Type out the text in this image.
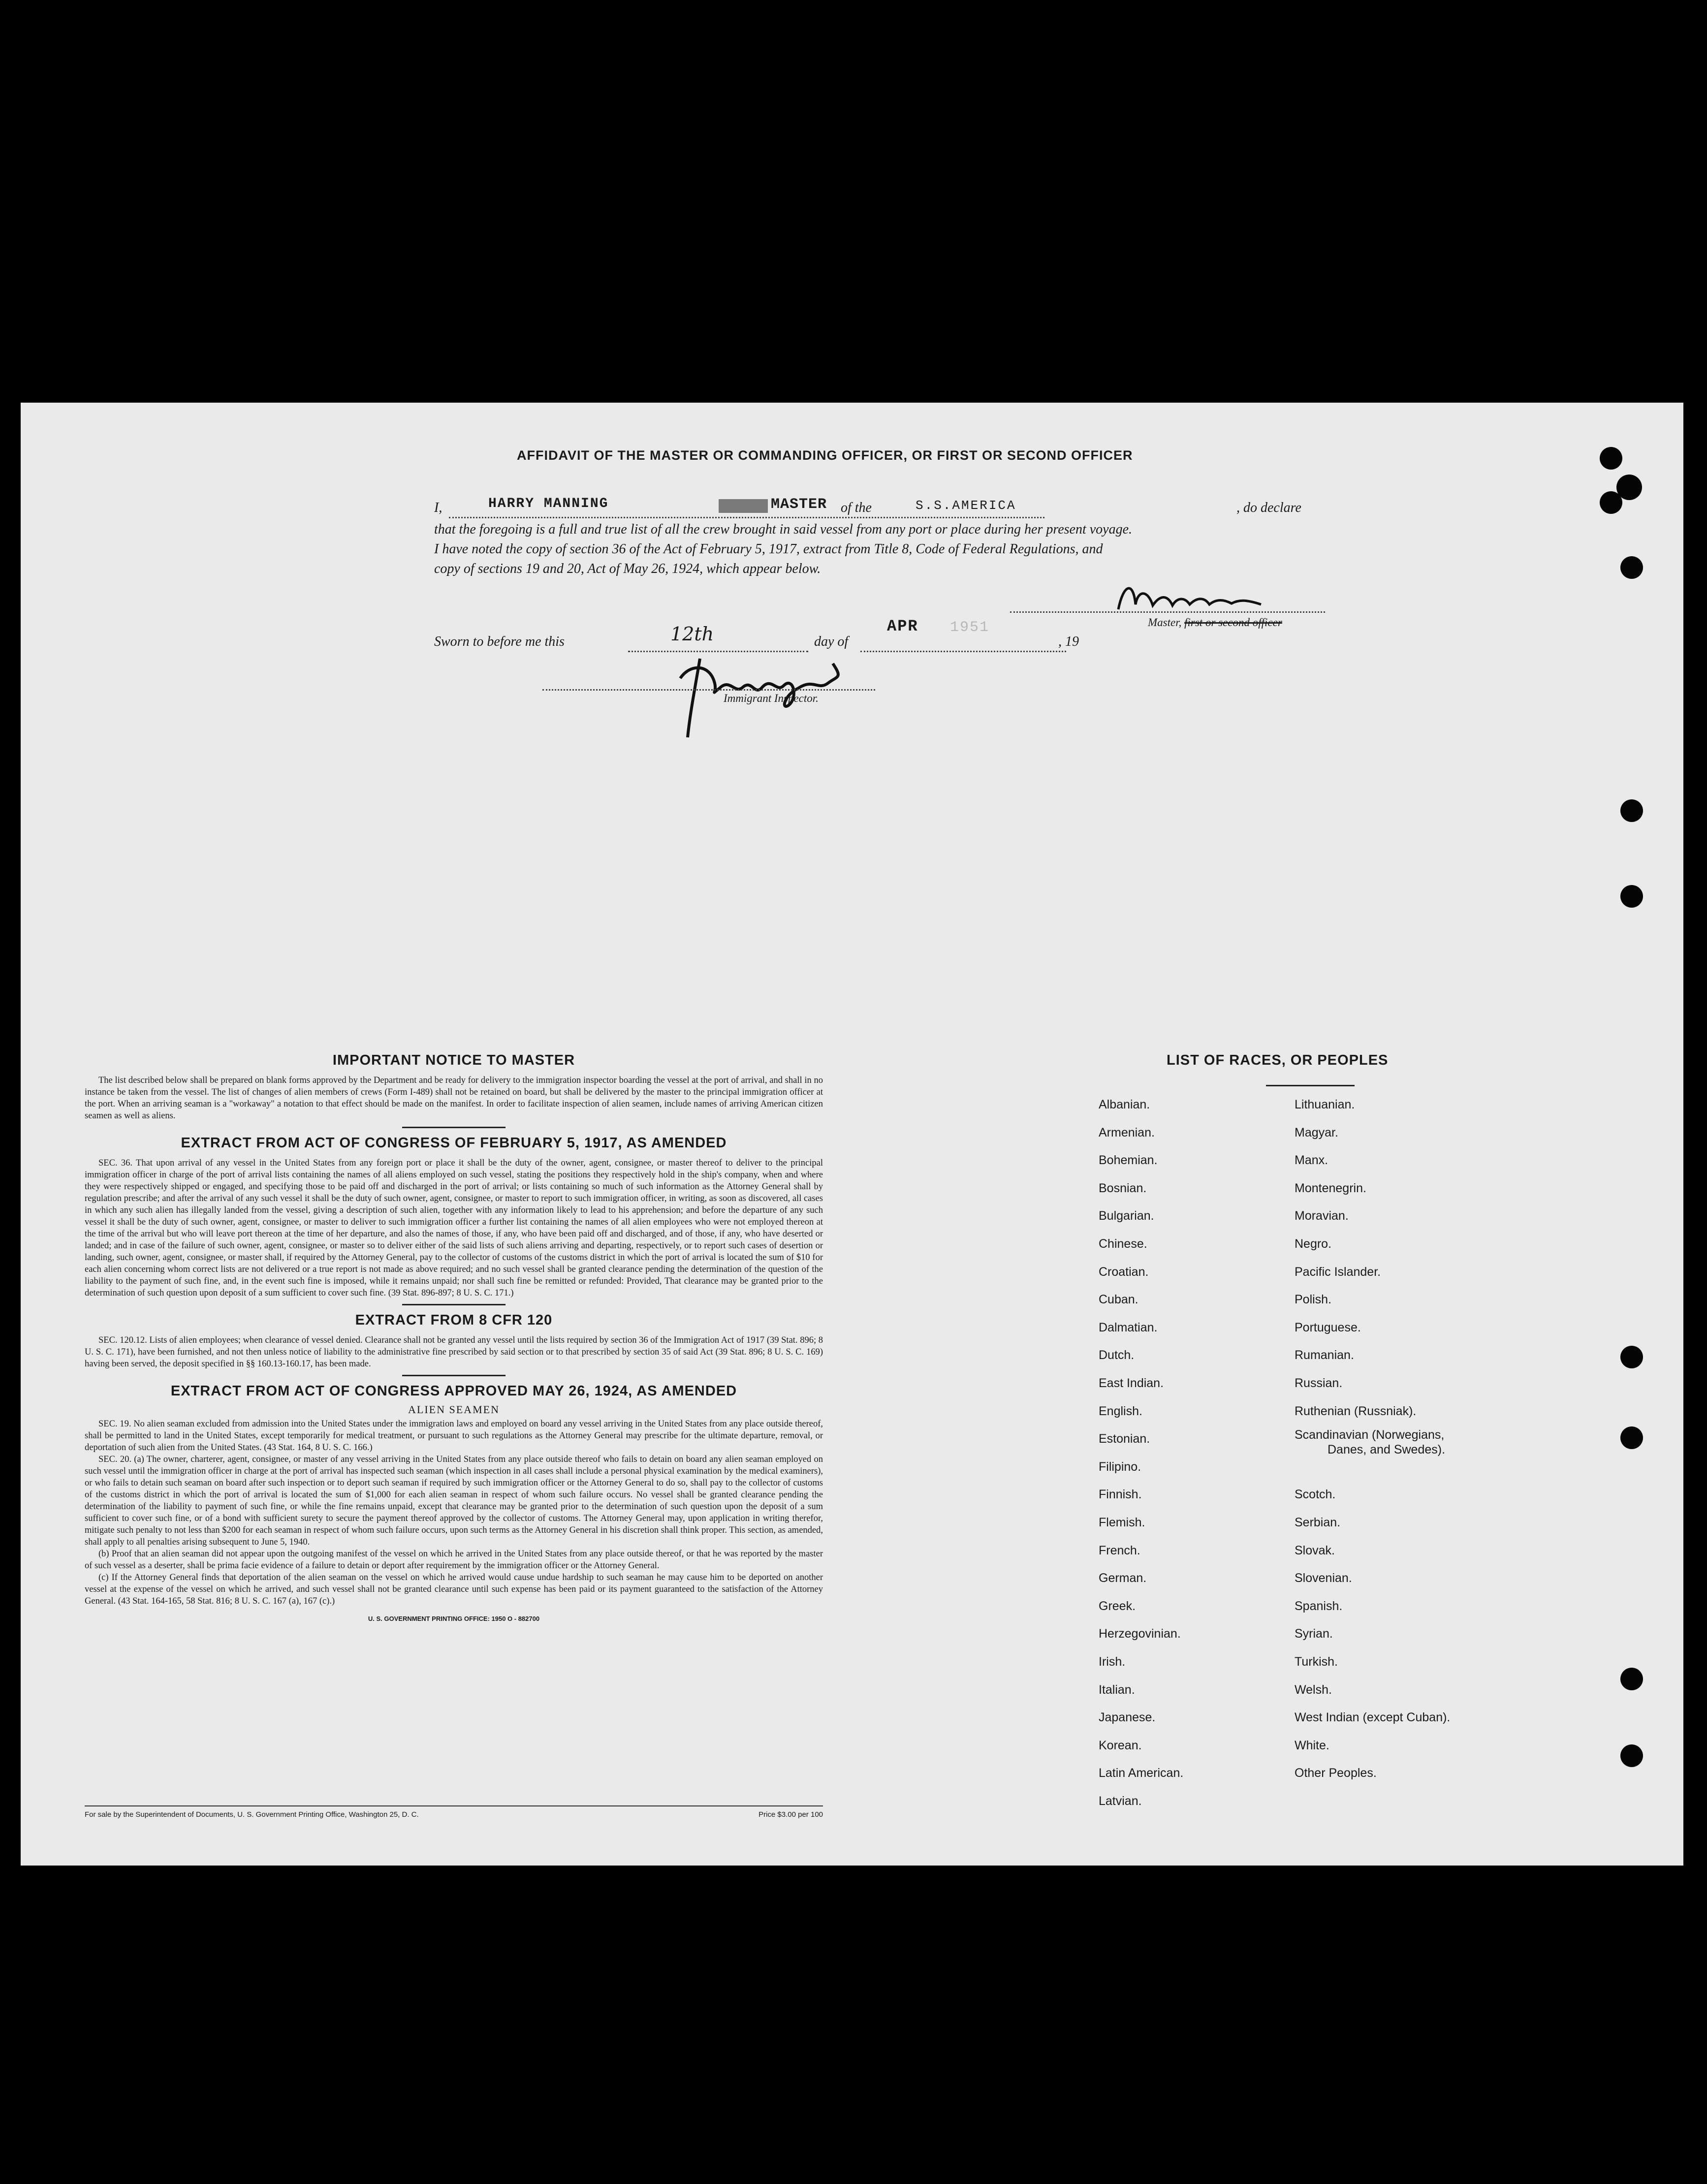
AFFIDAVIT OF THE MASTER OR COMMANDING OFFICER, OR FIRST OR SECOND OFFICER
I,	HARRY MANNING	MASTER of the	S.S.AMERICA	, do declare
that the foregoing is a full and true list of all the crew brought in said vessel from any port or place during her present voyage.
I have noted the copy of section 36 of the Act of February 5, 1917, extract from Title 8, Code of Federal Regulations, and
copy of sections 19 and 20, Act of May 26, 1924, which appear below.
Master, first or second officer
Sworn to before me this	12th	day of
APR 1951
, 19
Immigrant Inspector.
IMPORTANT NOTICE TO MASTER

The list described below shall be prepared on blank forms approved by the Department and be ready for delivery to the immigration inspector boarding the vessel at the port of arrival, and shall in no instance be taken from the vessel. The list of changes of alien members of crews (Form I-489) shall not be retained on board, but shall be delivered by the master to the principal immigration officer at the port. When an arriving seaman is a "workaway" a notation to that effect should be made on the manifest. In order to facilitate inspection of alien seamen, include names of arriving American citizen seamen as well as aliens.

EXTRACT FROM ACT OF CONGRESS OF FEBRUARY 5, 1917, AS AMENDED

SEC. 36. That upon arrival of any vessel in the United States from any foreign port or place it shall be the duty of the owner, agent, consignee, or master thereof to deliver to the principal immigration officer in charge of the port of arrival lists containing the names of all aliens employed on such vessel, stating the positions they respectively hold in the ship's company, when and where they were respectively shipped or engaged, and specifying those to be paid off and discharged in the port of arrival; or lists containing so much of such information as the Attorney General shall by regulation prescribe; and after the arrival of any such vessel it shall be the duty of such owner, agent, consignee, or master to report to such immigration officer, in writing, as soon as discovered, all cases in which any such alien has illegally landed from the vessel, giving a description of such alien, together with any information likely to lead to his apprehension; and before the departure of any such vessel it shall be the duty of such owner, agent, consignee, or master to deliver to such immigration officer a further list containing the names of all alien employees who were not employed thereon at the time of the arrival but who will leave port thereon at the time of her departure, and also the names of those, if any, who have been paid off and discharged, and of those, if any, who have deserted or landed; and in case of the failure of such owner, agent, consignee, or master so to deliver either of the said lists of such aliens arriving and departing, respectively, or to report such cases of desertion or landing, such owner, agent, consignee, or master shall, if required by the Attorney General, pay to the collector of customs of the customs district in which the port of arrival is located the sum of $10 for each alien concerning whom correct lists are not delivered or a true report is not made as above required; and no such vessel shall be granted clearance pending the determination of the question of the liability to the payment of such fine, and, in the event such fine is imposed, while it remains unpaid; nor shall such fine be remitted or refunded: Provided, That clearance may be granted prior to the determination of such question upon deposit of a sum sufficient to cover such fine. (39 Stat. 896-897; 8 U. S. C. 171.)

EXTRACT FROM 8 CFR 120

SEC. 120.12. Lists of alien employees; when clearance of vessel denied. Clearance shall not be granted any vessel until the lists required by section 36 of the Immigration Act of 1917 (39 Stat. 896; 8 U. S. C. 171), have been furnished, and not then unless notice of liability to the administrative fine prescribed by said section or to that prescribed by section 35 of said Act (39 Stat. 896; 8 U. S. C. 169) having been served, the deposit specified in §§ 160.13-160.17, has been made.

EXTRACT FROM ACT OF CONGRESS APPROVED MAY 26, 1924, AS AMENDED
ALIEN SEAMEN

SEC. 19. No alien seaman excluded from admission into the United States under the immigration laws and employed on board any vessel arriving in the United States from any place outside thereof, shall be permitted to land in the United States, except temporarily for medical treatment, or pursuant to such regulations as the Attorney General may prescribe for the ultimate departure, removal, or deportation of such alien from the United States. (43 Stat. 164, 8 U. S. C. 166.)

SEC. 20. (a) The owner, charterer, agent, consignee, or master of any vessel arriving in the United States from any place outside thereof who fails to detain on board any alien seaman employed on such vessel until the immigration officer in charge at the port of arrival has inspected such seaman (which inspection in all cases shall include a personal physical examination by the medical examiners), or who fails to detain such seaman on board after such inspection or to deport such seaman if required by such immigration officer or the Attorney General to do so, shall pay to the collector of customs of the customs district in which the port of arrival is located the sum of $1,000 for each alien seaman in respect of whom such failure occurs. No vessel shall be granted clearance pending the determination of the liability to payment of such fine, or while the fine remains unpaid, except that clearance may be granted prior to the determination of such question upon the deposit of a sum sufficient to cover such fine, or of a bond with sufficient surety to secure the payment thereof approved by the collector of customs. The Attorney General may, upon application in writing therefor, mitigate such penalty to not less than $200 for each seaman in respect of whom such failure occurs, upon such terms as the Attorney General in his discretion shall think proper. This section, as amended, shall apply to all penalties arising subsequent to June 5, 1940.

(b) Proof that an alien seaman did not appear upon the outgoing manifest of the vessel on which he arrived in the United States from any place outside thereof, or that he was reported by the master of such vessel as a deserter, shall be prima facie evidence of a failure to detain or deport after requirement by the immigration officer or the Attorney General.

(c) If the Attorney General finds that deportation of the alien seaman on the vessel on which he arrived would cause undue hardship to such seaman he may cause him to be deported on another vessel at the expense of the vessel on which he arrived, and such vessel shall not be granted clearance until such expense has been paid or its payment guaranteed to the satisfaction of the Attorney General. (43 Stat. 164-165, 58 Stat. 816; 8 U. S. C. 167 (a), 167 (c).)

U. S. GOVERNMENT PRINTING OFFICE: 1950 O - 882700
For sale by the Superintendent of Documents, U. S. Government Printing Office, Washington 25, D. C.	Price $3.00 per 100
LIST OF RACES, OR PEOPLES
Albanian.
Armenian.
Bohemian.
Bosnian.
Bulgarian.
Chinese.
Croatian.
Cuban.
Dalmatian.
Dutch.
East Indian.
English.
Estonian.
Filipino.
Finnish.
Flemish.
French.
German.
Greek.
Herzegovinian.
Irish.
Italian.
Japanese.
Korean.
Latin American.
Latvian.
Lithuanian.
Magyar.
Manx.
Montenegrin.
Moravian.
Negro.
Pacific Islander.
Polish.
Portuguese.
Rumanian.
Russian.
Ruthenian (Russniak).
Scandinavian (Norwegians,
Danes, and Swedes).
Scotch.
Serbian.
Slovak.
Slovenian.
Spanish.
Syrian.
Turkish.
Welsh.
West Indian (except Cuban).
White.
Other Peoples.
